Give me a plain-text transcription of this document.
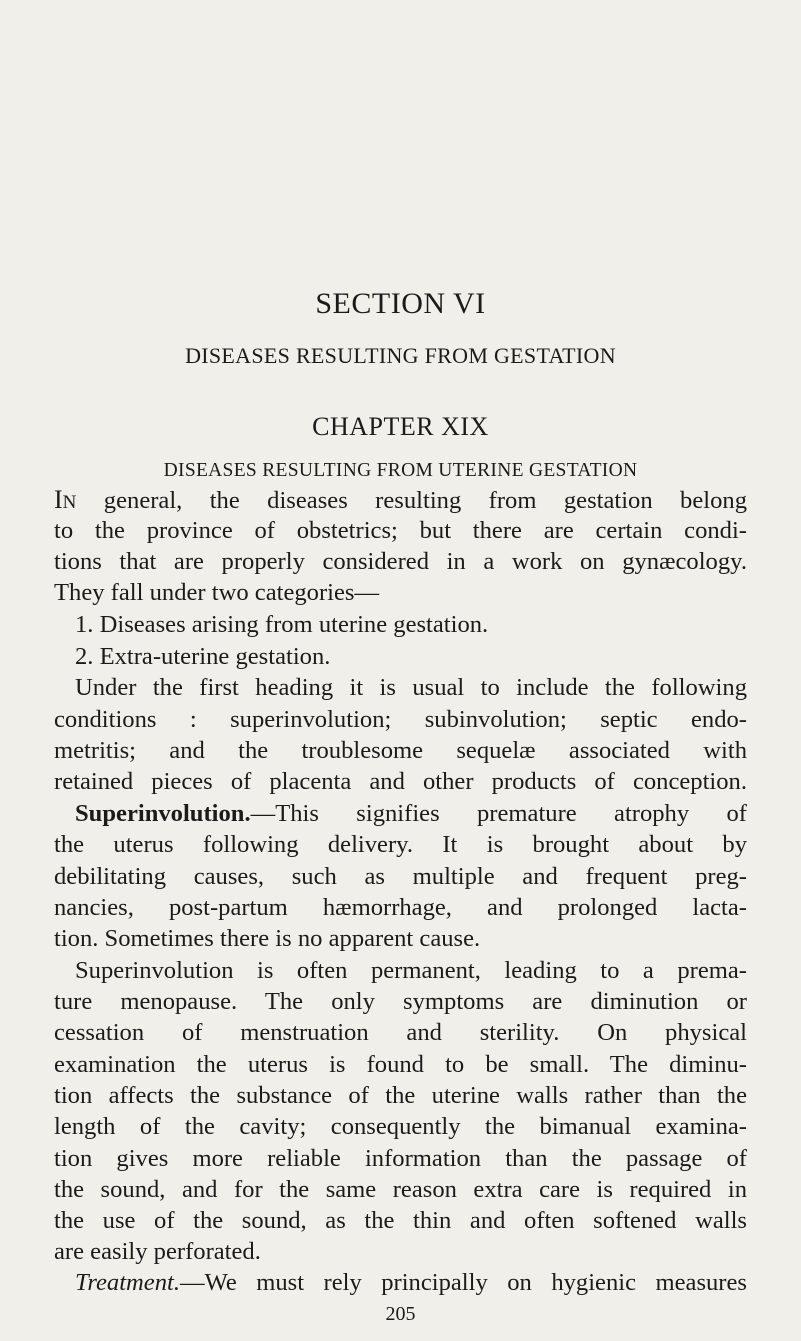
SECTION VI
DISEASES RESULTING FROM GESTATION
CHAPTER XIX
DISEASES RESULTING FROM UTERINE GESTATION
IN general, the diseases resulting from gestation belong
to the province of obstetrics; but there are certain condi-
tions that are properly considered in a work on gynæcology.
They fall under two categories—
1. Diseases arising from uterine gestation.
2. Extra-uterine gestation.
Under the first heading it is usual to include the following
conditions : superinvolution; subinvolution; septic endo-
metritis; and the troublesome sequelæ associated with
retained pieces of placenta and other products of conception.
Superinvolution.—This signifies premature atrophy of
the uterus following delivery. It is brought about by
debilitating causes, such as multiple and frequent preg-
nancies, post-partum hæmorrhage, and prolonged lacta-
tion. Sometimes there is no apparent cause.
Superinvolution is often permanent, leading to a prema-
ture menopause. The only symptoms are diminution or
cessation of menstruation and sterility. On physical
examination the uterus is found to be small. The diminu-
tion affects the substance of the uterine walls rather than the
length of the cavity; consequently the bimanual examina-
tion gives more reliable information than the passage of
the sound, and for the same reason extra care is required in
the use of the sound, as the thin and often softened walls
are easily perforated.
Treatment.—We must rely principally on hygienic measures
205
